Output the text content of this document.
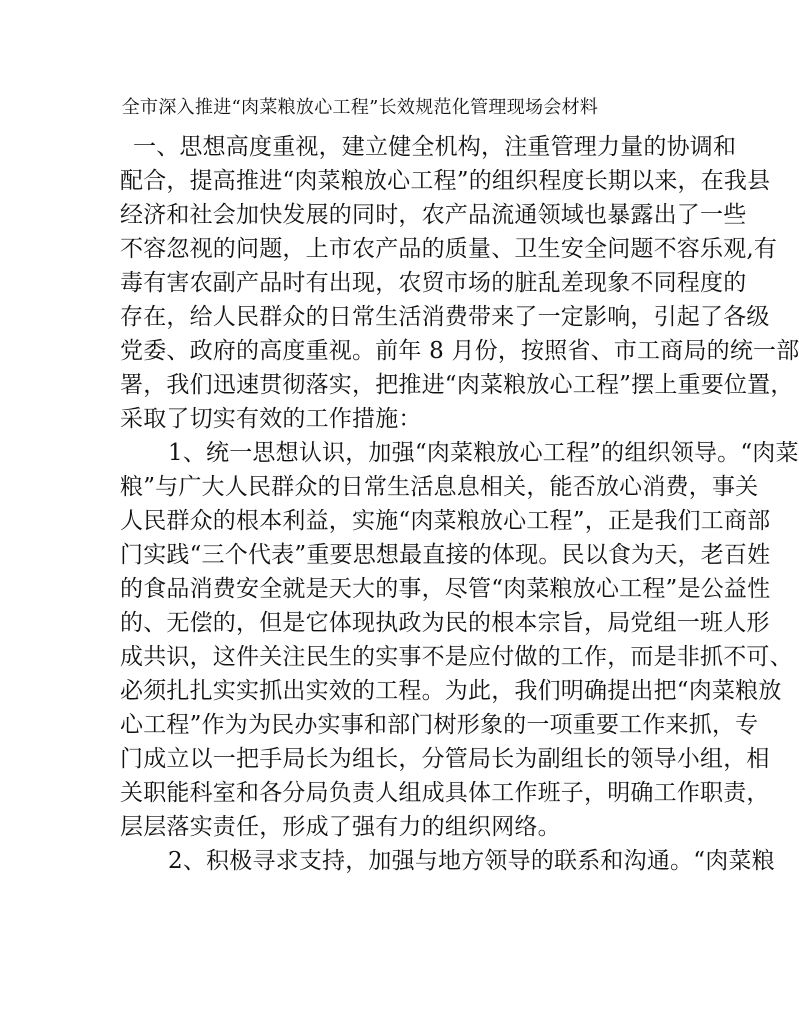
全市深入推进“肉菜粮放心工程”长效规范化管理现场会材料
一、思想高度重视，建立健全机构，注重管理力量的协调和
配合，提高推进“肉菜粮放心工程”的组织程度长期以来，在我县
经济和社会加快发展的同时，农产品流通领域也暴露出了一些
不容忽视的问题，上市农产品的质量、卫生安全问题不容乐观,有
毒有害农副产品时有出现，农贸市场的脏乱差现象不同程度的
存在，给人民群众的日常生活消费带来了一定影响，引起了各级
党委、政府的高度重视。前年 8 月份，按照省、市工商局的统一部
署，我们迅速贯彻落实，把推进“肉菜粮放心工程”摆上重要位置，
采取了切实有效的工作措施：
1、统一思想认识，加强“肉菜粮放心工程”的组织领导。“肉菜
粮”与广大人民群众的日常生活息息相关，能否放心消费，事关
人民群众的根本利益，实施“肉菜粮放心工程”，正是我们工商部
门实践“三个代表”重要思想最直接的体现。民以食为天，老百姓
的食品消费安全就是天大的事，尽管“肉菜粮放心工程”是公益性
的、无偿的，但是它体现执政为民的根本宗旨，局党组一班人形
成共识，这件关注民生的实事不是应付做的工作，而是非抓不可、
必须扎扎实实抓出实效的工程。为此，我们明确提出把“肉菜粮放
心工程”作为为民办实事和部门树形象的一项重要工作来抓，专
门成立以一把手局长为组长，分管局长为副组长的领导小组，相
关职能科室和各分局负责人组成具体工作班子，明确工作职责，
层层落实责任，形成了强有力的组织网络。
2、积极寻求支持，加强与地方领导的联系和沟通。“肉菜粮
